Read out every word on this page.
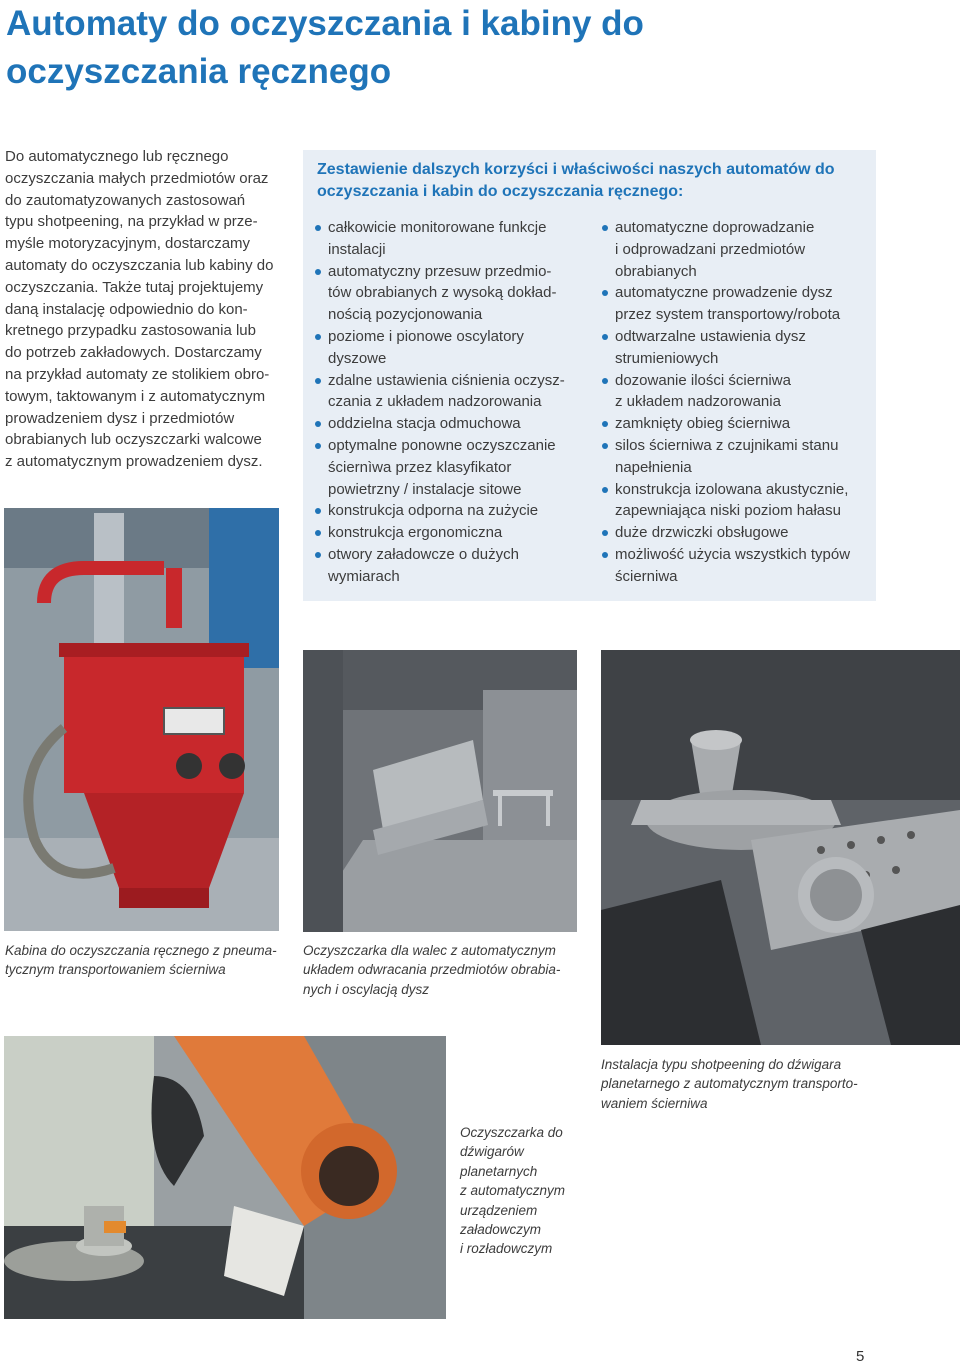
Automaty do oczyszczania i kabiny do
oczyszczania ręcznego
Do automatycznego lub ręcznego
oczyszczania małych przedmiotów oraz
do zautomatyzowanych zastosowań
typu shotpeening, na przykład w prze-
myśle motoryzacyjnym, dostarczamy
automaty do oczyszczania lub kabiny do
oczyszczania. Także tutaj projektujemy
daną instalację odpowiednio do kon-
kretnego przypadku zastosowania lub
do potrzeb zakładowych. Dostarczamy
na przykład automaty ze stolikiem obro-
towym, taktowanym i z automatycznym
prowadzeniem dysz i przedmiotów
obrabianych lub oczyszczarki walcowe
z automatycznym prowadzeniem dysz.
Zestawienie dalszych korzyści i właściwości naszych automatów do
oczyszczania i kabin do oczyszczania ręcznego:
całkowicie monitorowane funkcje
instalacji
automatyczny przesuw przedmio-
tów obrabianych z wysoką dokład-
nością pozycjonowania
poziome i pionowe oscylatory
dyszowe
zdalne ustawienia ciśnienia oczysz-
czania z układem nadzorowania
oddzielna stacja odmuchowa
optymalne ponowne oczyszczanie
ściernìwa przez klasyfikator
powietrzny / instalacje sitowe
konstrukcja odporna na zużycie
konstrukcja ergonomiczna
otwory załadowcze o dużych
wymiarach
automatyczne doprowadzanie
i odprowadzani przedmiotów
obrabianych
automatyczne prowadzenie dysz
przez system transportowy/robota
odtwarzalne ustawienia dysz
strumieniowych
dozowanie ilości ścierniwa
z układem nadzorowania
zamknięty obieg ścierniwa
silos ścierniwa z czujnikami stanu
napełnienia
konstrukcja izolowana akustycznie,
zapewniająca niski poziom hałasu
duże drzwiczki obsługowe
możliwość użycia wszystkich typów
ścierniwa
Kabina do oczyszczania ręcznego z pneuma-
tycznym transportowaniem ścierniwa
Oczyszczarka dla walec z automatycznym
układem odwracania przedmiotów obrabia-
nych i oscylacją dysz
Instalacja typu shotpeening do dźwigara
planetarnego z automatycznym transporto-
waniem ścierniwa
Oczyszczarka do
dźwigarów
planetarnych
z automatycznym
urządzeniem
załadowczym
i rozładowczym
5
